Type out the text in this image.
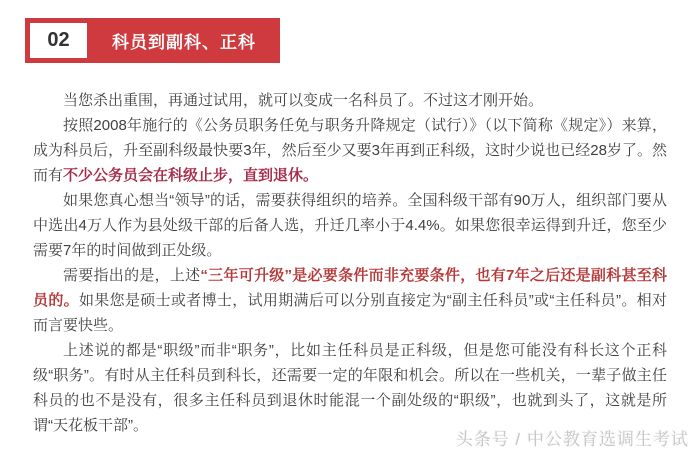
02	科员到副科、正科

当您杀出重围，再通过试用，就可以变成一名科员了。不过这才刚开始。

按照2008年施行的《公务员职务任免与职务升降规定（试行）》（以下简称《规定》）来算，成为科员后，升至副科级最快要3年，然后至少又要3年再到正科级，这时少说也已经28岁了。然而有不少公务员会在科级止步，直到退休。

如果您真心想当“领导”的话，需要获得组织的培养。全国科级干部有90万人，组织部门要从中选出4万人作为县处级干部的后备人选，升迁几率小于4.4%。如果您很幸运得到升迁，您至少需要7年的时间做到正处级。

需要指出的是，上述“三年可升级”是必要条件而非充要条件，也有7年之后还是副科甚至科员的。如果您是硕士或者博士，试用期满后可以分别直接定为“副主任科员”或“主任科员”。相对而言要快些。

上述说的都是“职级”而非“职务”，比如主任科员是正科级，但是您可能没有科长这个正科级“职务”。有时从主任科员到科长，还需要一定的年限和机会。所以在一些机关，一辈子做主任科员的也不是没有，很多主任科员到退休时能混一个副处级的“职级”，也就到头了，这就是所谓“天花板干部”。

头条号 / 中公教育选调生考试
